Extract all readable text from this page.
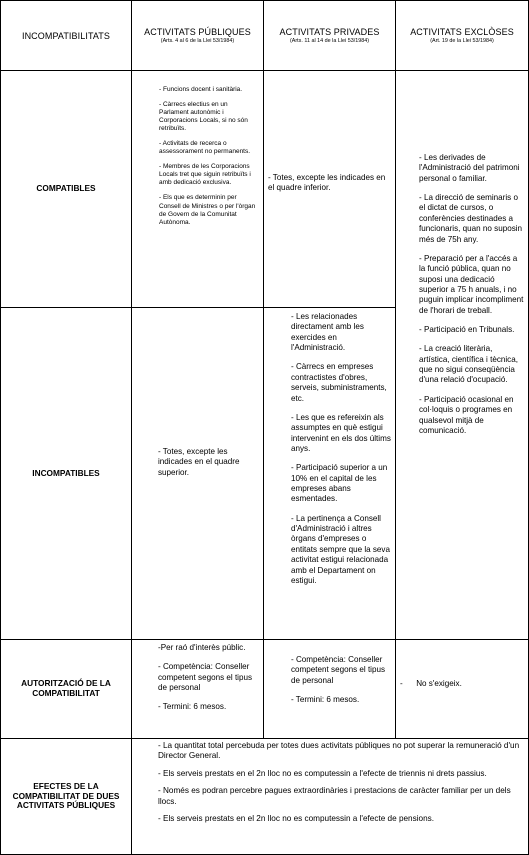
INCOMPATIBILITATS	ACTIVITATS PÚBLIQUES
(Arts. 4 al 6 de la Llei 53/1984)
ACTIVITATS PRIVADES
(Arts. 11 al 14 de la Llei 53/1984)
ACTIVITATS EXCLÒSES
(Art. 19 de la Llei 53/1984)
COMPATIBLES

- Funcions docent i sanitària.

- Càrrecs electius en un Parlament autonòmic i Corporacions Locals, si no són retribuïts.

- Activitats de recerca o assessorament no permanents.

- Membres de les Corporacions Locals tret que siguin retribuïts i amb dedicació exclusiva.

- Els que es determinin per Consell de Ministres o per l'òrgan de Govern de la Comunitat Autònoma.

- Totes, excepte les indicades en el quadre inferior.

- Les derivades de l'Administració del patrimoni personal o familiar.

- La direcció de seminaris o el dictat de cursos, o conferències destinades a funcionaris, quan no suposin més de 75h any.

- Preparació per a l'accés a la funció pública, quan no suposi una dedicació superior a 75 h anuals, i no puguin implicar incompliment de l'horari de treball.

- Participació en Tribunals.

- La creació literària, artística, científica i tècnica, que no sigui conseqüència d'una relació d'ocupació.

- Participació ocasional en col·loquis o programes en qualsevol mitjà de comunicació.

INCOMPATIBLES

- Totes, excepte les indicades en el quadre superior.

- Les relacionades directament amb les exercides en l'Administració.

- Càrrecs en empreses contractistes d'obres, serveis, subministraments, etc.

- Les que es refereixin als assumptes en què estigui intervenint en els dos últims anys.

- Participació superior a un 10% en el capital de les empreses abans esmentades.

- La pertinença a Consell d'Administració i altres òrgans d'empreses o entitats sempre que la seva activitat estigui relacionada amb el Departament on estigui.

AUTORITZACIÓ DE LA COMPATIBILITAT

-Per raó d'interès públic.

- Competència: Conseller competent segons el tipus de personal

- Termini: 6 mesos.

- Competència: Conseller competent segons el tipus de personal

- Termini: 6 mesos.

-      No s'exigeix.

EFECTES DE LA COMPATIBILITAT DE DUES ACTIVITATS PÚBLIQUES

- La quantitat total percebuda per totes dues activitats públiques no pot superar la remuneració d'un Director General.

- Els serveis prestats en el 2n lloc no es computessin a l'efecte de triennis ni drets passius.

- Només es podran percebre pagues extraordinàries i prestacions de caràcter familiar per un dels llocs.

- Els serveis prestats en el 2n lloc no es computessin a l'efecte de pensions.
